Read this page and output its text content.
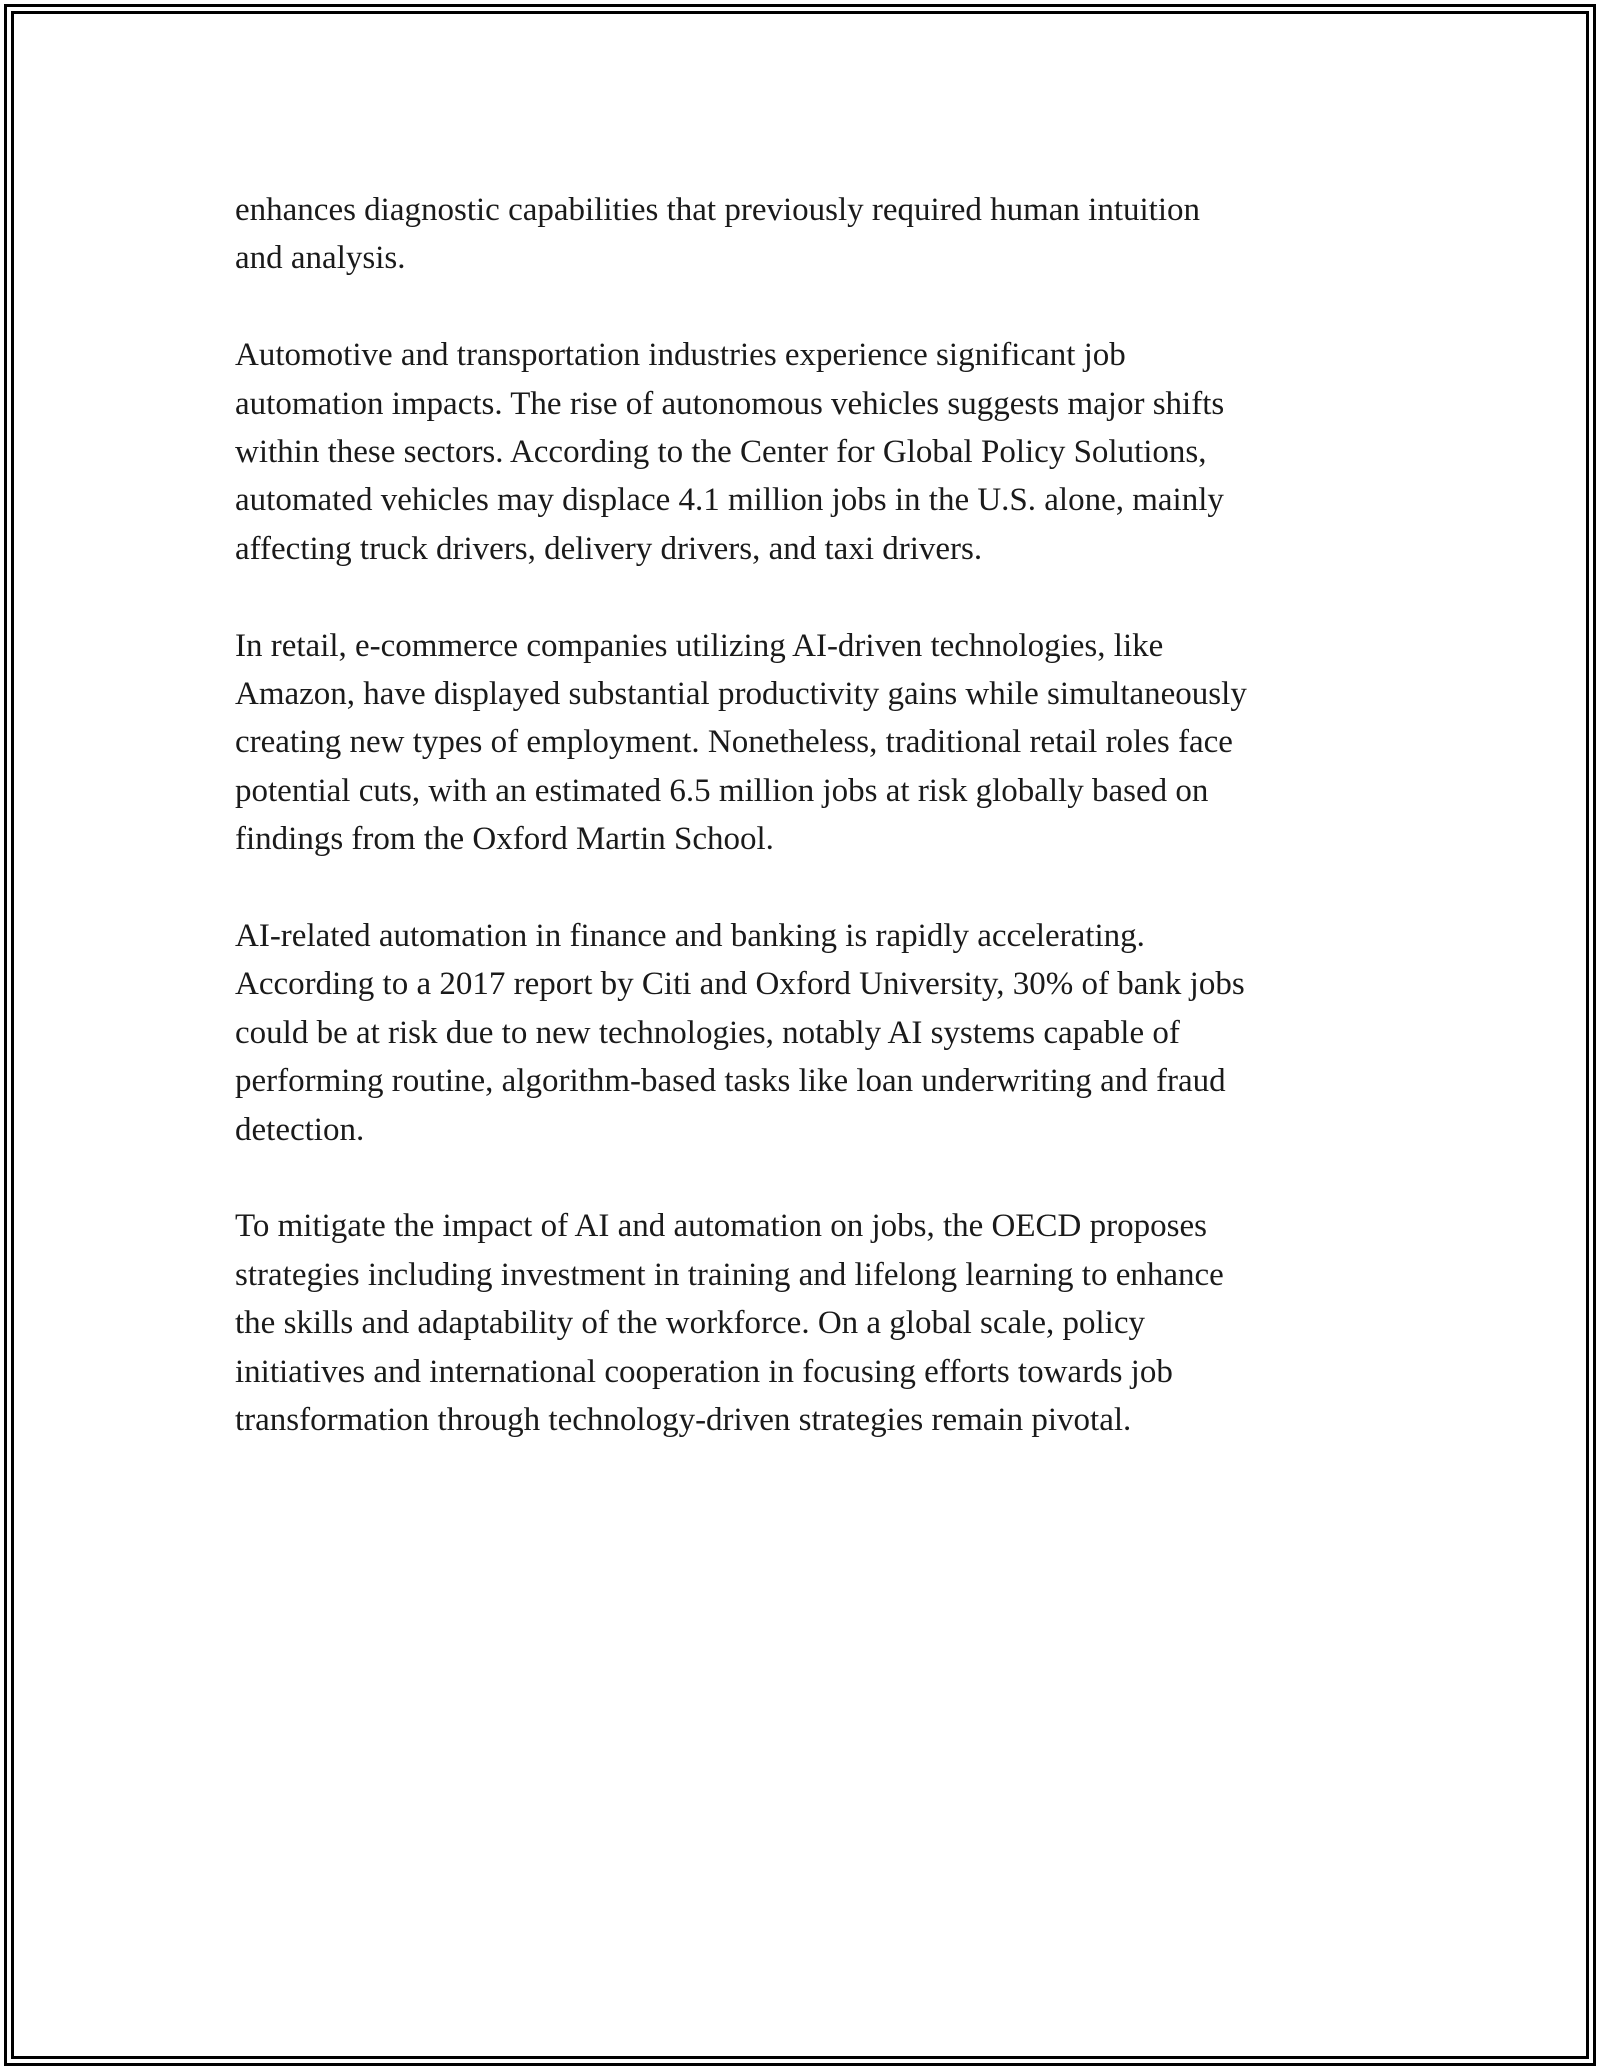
enhances diagnostic capabilities that previously required human intuition
and analysis.

Automotive and transportation industries experience significant job
automation impacts. The rise of autonomous vehicles suggests major shifts
within these sectors. According to the Center for Global Policy Solutions,
automated vehicles may displace 4.1 million jobs in the U.S. alone, mainly
affecting truck drivers, delivery drivers, and taxi drivers.

In retail, e-commerce companies utilizing AI-driven technologies, like
Amazon, have displayed substantial productivity gains while simultaneously
creating new types of employment. Nonetheless, traditional retail roles face
potential cuts, with an estimated 6.5 million jobs at risk globally based on
findings from the Oxford Martin School.

AI-related automation in finance and banking is rapidly accelerating.
According to a 2017 report by Citi and Oxford University, 30% of bank jobs
could be at risk due to new technologies, notably AI systems capable of
performing routine, algorithm-based tasks like loan underwriting and fraud
detection.

To mitigate the impact of AI and automation on jobs, the OECD proposes
strategies including investment in training and lifelong learning to enhance
the skills and adaptability of the workforce. On a global scale, policy
initiatives and international cooperation in focusing efforts towards job
transformation through technology-driven strategies remain pivotal.
